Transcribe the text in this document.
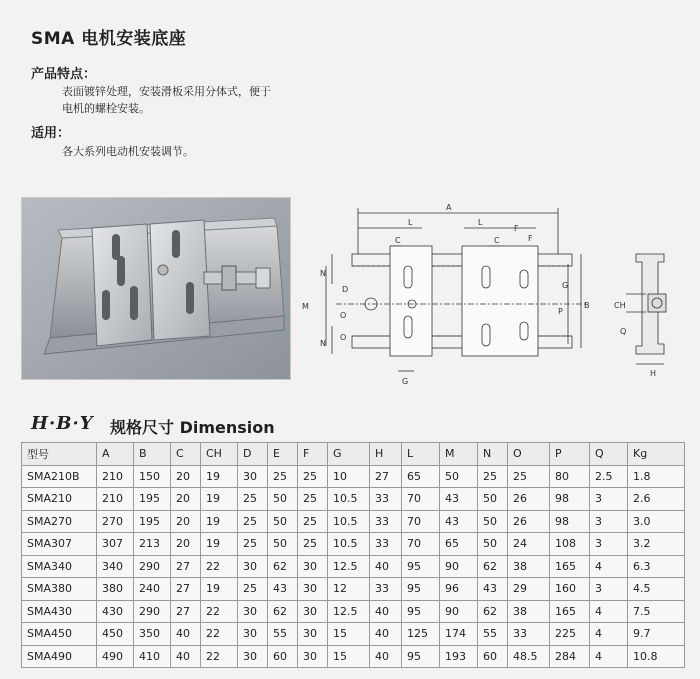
SMA 电机安装底座
产品特点：
表面镀锌处理，安装滑板采用分体式，便于
电机的螺栓安装。
适用：
各大系列电动机安装调节。
A
L	L
C	C
F
F
M
N
N
D
O
O
G
G
B
P
CH
Q
H
H·B·Y 规格尺寸 Dimension
型号	A	B	C	CH	D	E	F	G	H	L	M	N	O	P	Q	Kg
SMA210B	210	150	20	19	30	25	25	10	27	65	50	25	25	80	2.5	1.8
SMA210	210	195	20	19	25	50	25	10.5	33	70	43	50	26	98	3	2.6
SMA270	270	195	20	19	25	50	25	10.5	33	70	43	50	26	98	3	3.0
SMA307	307	213	20	19	25	50	25	10.5	33	70	65	50	24	108	3	3.2
SMA340	340	290	27	22	30	62	30	12.5	40	95	90	62	38	165	4	6.3
SMA380	380	240	27	19	25	43	30	12	33	95	96	43	29	160	3	4.5
SMA430	430	290	27	22	30	62	30	12.5	40	95	90	62	38	165	4	7.5
SMA450	450	350	40	22	30	55	30	15	40	125	174	55	33	225	4	9.7
SMA490	490	410	40	22	30	60	30	15	40	95	193	60	48.5	284	4	10.8
